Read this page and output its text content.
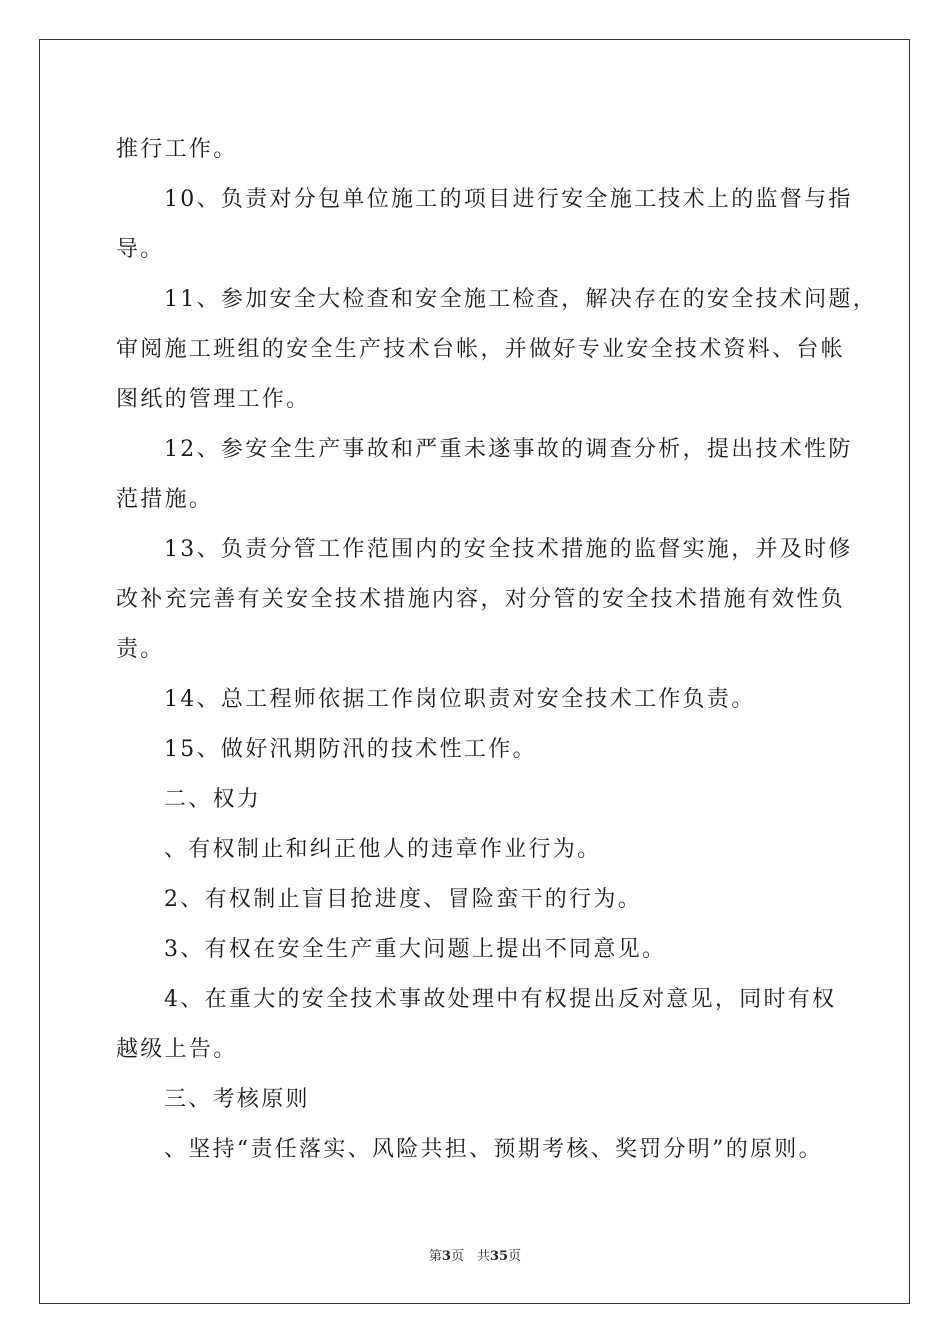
推行工作。
10、负责对分包单位施工的项目进行安全施工技术上的监督与指
导。
11、参加安全大检查和安全施工检查，解决存在的安全技术问题，
审阅施工班组的安全生产技术台帐，并做好专业安全技术资料、台帐
图纸的管理工作。
12、参安全生产事故和严重未遂事故的调查分析，提出技术性防
范措施。
13、负责分管工作范围内的安全技术措施的监督实施，并及时修
改补充完善有关安全技术措施内容，对分管的安全技术措施有效性负
责。
14、总工程师依据工作岗位职责对安全技术工作负责。
15、做好汛期防汛的技术性工作。
二、权力
、有权制止和纠正他人的违章作业行为。
2、有权制止盲目抢进度、冒险蛮干的行为。
3、有权在安全生产重大问题上提出不同意见。
4、在重大的安全技术事故处理中有权提出反对意见，同时有权
越级上告。
三、考核原则
、坚持“责任落实、风险共担、预期考核、奖罚分明”的原则。
第3页　共35页
